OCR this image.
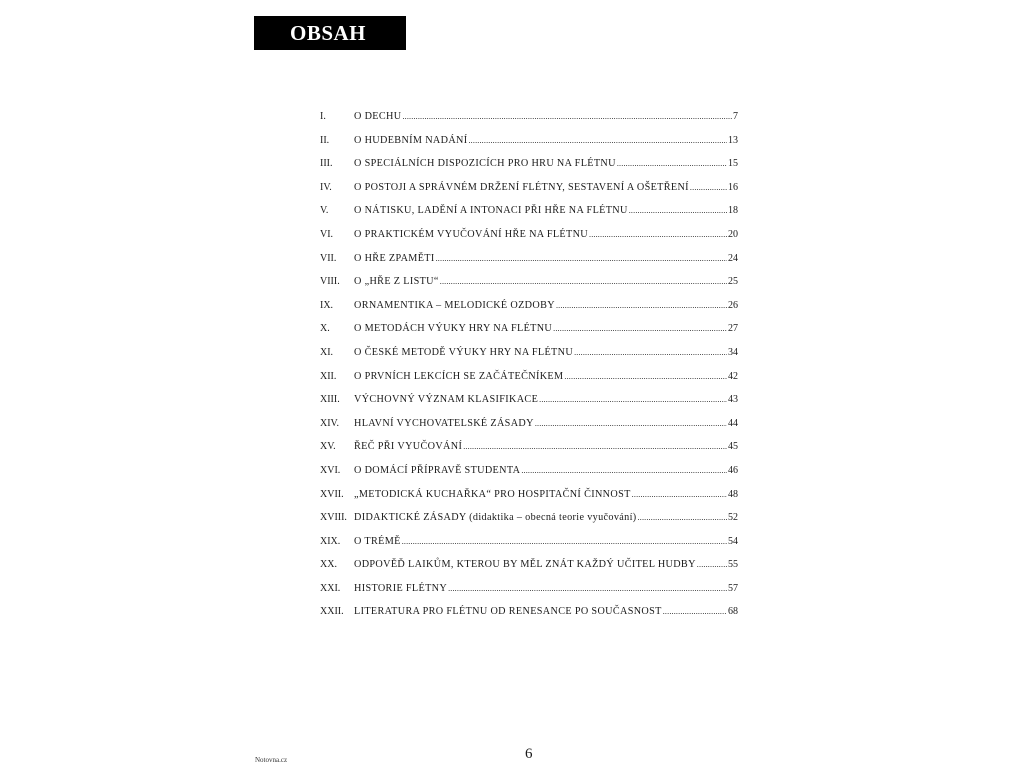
OBSAH
I.	O DECHU .....	7
II.	O HUDEBNÍM NADÁNÍ .....	13
III.	O SPECIÁLNÍCH DISPOZICÍCH PRO HRU NA FLÉTNU .....	15
IV.	O POSTOJI A SPRÁVNÉM DRŽENÍ FLÉTNY, SESTAVENÍ A OŠETŘENÍ .....	16
V.	O NÁTISKU, LADĚNÍ A INTONACI PŘI HŘE NA FLÉTNU .....	18
VI.	O PRAKTICKÉM VYUČOVÁNÍ HŘE NA FLÉTNU .....	20
VII.	O HŘE ZPAMĚTI .....	24
VIII.	O „HŘE Z LISTU“ .....	25
IX.	ORNAMENTIKA – MELODICKÉ OZDOBY .....	26
X.	O METODÁCH VÝUKY HRY NA FLÉTNU .....	27
XI.	O ČESKÉ METODĚ VÝUKY HRY NA FLÉTNU .....	34
XII.	O PRVNÍCH LEKCÍCH SE ZAČÁTEČNÍKEM .....	42
XIII.	VÝCHOVNÝ VÝZNAM KLASIFIKACE .....	43
XIV.	HLAVNÍ VYCHOVATELSKÉ ZÁSADY .....	44
XV.	ŘEČ PŘI VYUČOVÁNÍ .....	45
XVI.	O DOMÁCÍ PŘÍPRAVĚ STUDENTA .....	46
XVII.	„METODICKÁ KUCHAŘKA“ PRO HOSPITAČNÍ ČINNOST .....	48
XVIII. DIDAKTICKÉ ZÁSADY (didaktika – obecná teorie vyučování) .....	52
XIX.	O TRÉMĚ .....	54
XX.	ODPOVĚĎ LAIKŮM, KTEROU BY MĚL ZNÁT KAŽDÝ UČITEL HUDBY .....	55
XXI.	HISTORIE FLÉTNY .....	57
XXII.	LITERATURA PRO FLÉTNU OD RENESANCE PO SOUČASNOST .....	68
Notovna.cz	6
